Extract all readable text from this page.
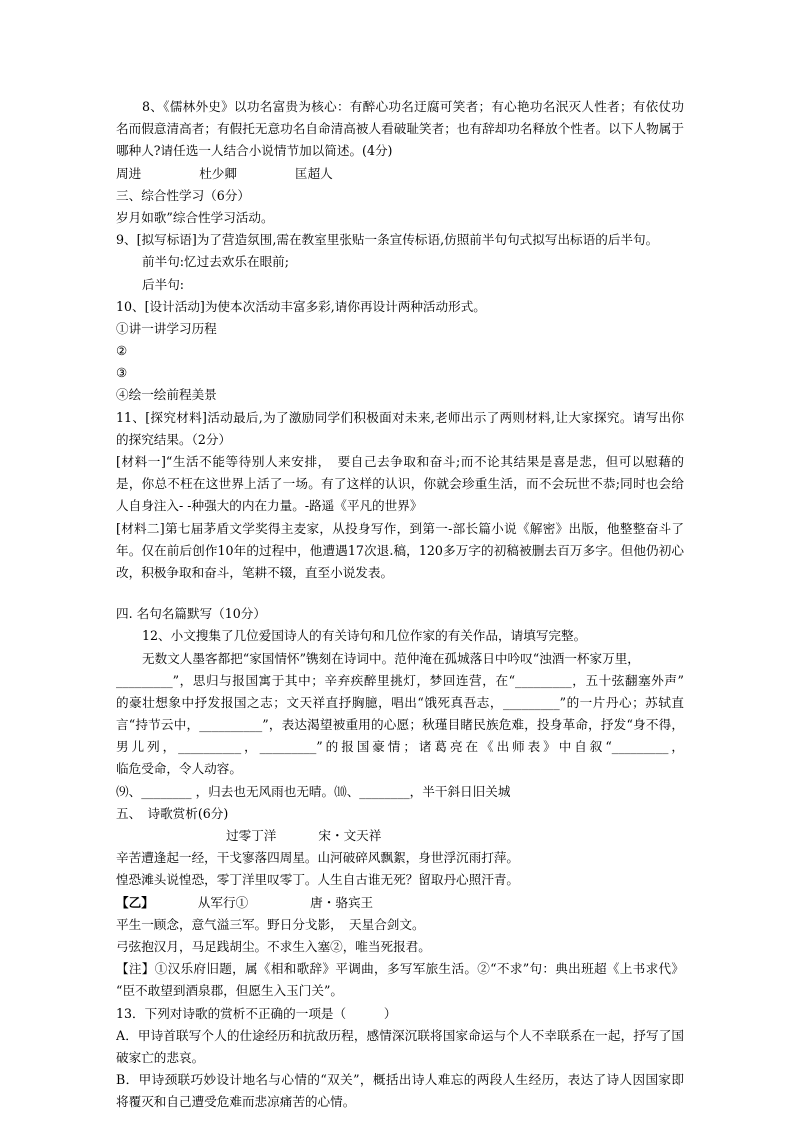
8、《儒林外史》以功名富贵为核心：有醉心功名迂腐可笑者；有心艳功名泯灭人性者；有依仗功
名而假意清高者；有假托无意功名自命清高被人看破耻笑者；也有辞却功名释放个性者。以下人物属于
哪种人?请任选一人结合小说情节加以简述。(4分)
周进	杜少卿	匡超人
三、综合性学习（6分）
岁月如歌”综合性学习活动。
9、[拟写标语]为了营造氛围,需在教室里张贴一条宣传标语,仿照前半句句式拟写出标语的后半句。
前半句:忆过去欢乐在眼前;
后半句:
10、[设计活动]为使本次活动丰富多彩,请你再设计两种活动形式。
①讲一讲学习历程
②
③
④绘一绘前程美景
11、[探究材料]活动最后,为了激励同学们积极面对未来,老师出示了两则材料,让大家探究。请写出你
的探究结果。（2分）
[材料一]“生活不能等待别人来安排，　要自己去争取和奋斗;而不论其结果是喜是悲，但可以慰藉的
是，你总不枉在这世界上活了一场。有了这样的认识，你就会珍重生活，而不会玩世不恭;同时也会给
人自身注入- -种强大的内在力量。-路遥《平凡的世界》
[材料二]第七届茅盾文学奖得主麦家，从投身写作，到第一-部长篇小说《解密》出版，他整整奋斗了
年。仅在前后创作10年的过程中，他遭遇17次退.稿，120多万字的初稿被删去百万多字。但他仍初心
改，积极争取和奋斗，笔耕不辍，直至小说发表。
四. 名句名篇默写（10分）
12、小文搜集了几位爱国诗人的有关诗句和几位作家的有关作品，请填写完整。
无数文人墨客都把“家国情怀”镌刻在诗词中。范仲淹在孤城落日中吟叹“浊酒一杯家万里，
_________”，思归与报国寓于其中；辛弃疾醉里挑灯，梦回连营，在“_________，五十弦翻塞外声”
的豪壮想象中抒发报国之志；文天祥直抒胸臆，唱出“饿死真吾志，_________”的一片丹心；苏轼直
言“持节云中，__________”，表达渴望被重用的心愿；秋瑾目睹民族危难，投身革命，抒发“身不得，
男儿列，__________，_________”的报国豪情；诸葛亮在《出师表》中自叙“_________，
临危受命，令人动容。
⑼、________ ，归去也无风雨也无晴。⑽、________，半干斜日旧关城
五、　诗歌赏析(6分)
过零丁洋	宋・文天祥
辛苦遭逢起一经，干戈寥落四周星。山河破碎风飘絮，身世浮沉雨打萍。
惶恐滩头说惶恐，零丁洋里叹零丁。人生自古谁无死？留取丹心照汗青。
【乙】	从军行①	唐・骆宾王
平生一顾念，意气溢三军。野日分戈影，　天星合剑文。
弓弦抱汉月，马足践胡尘。不求生入塞②，唯当死报君。
【注】①汉乐府旧题，属《相和歌辞》平调曲，多写军旅生活。②“不求”句：典出班超《上书求代》
“臣不敢望到酒泉郡，但愿生入玉门关”。
13．下列对诗歌的赏析不正确的一项是（　　　）
A．甲诗首联写个人的仕途经历和抗敌历程，感情深沉联将国家命运与个人不幸联系在一起，抒写了国
破家亡的悲哀。
B．甲诗颈联巧妙设计地名与心情的“双关”，概括出诗人难忘的两段人生经历，表达了诗人因国家即
将覆灭和自己遭受危难而悲凉痛苦的心情。
